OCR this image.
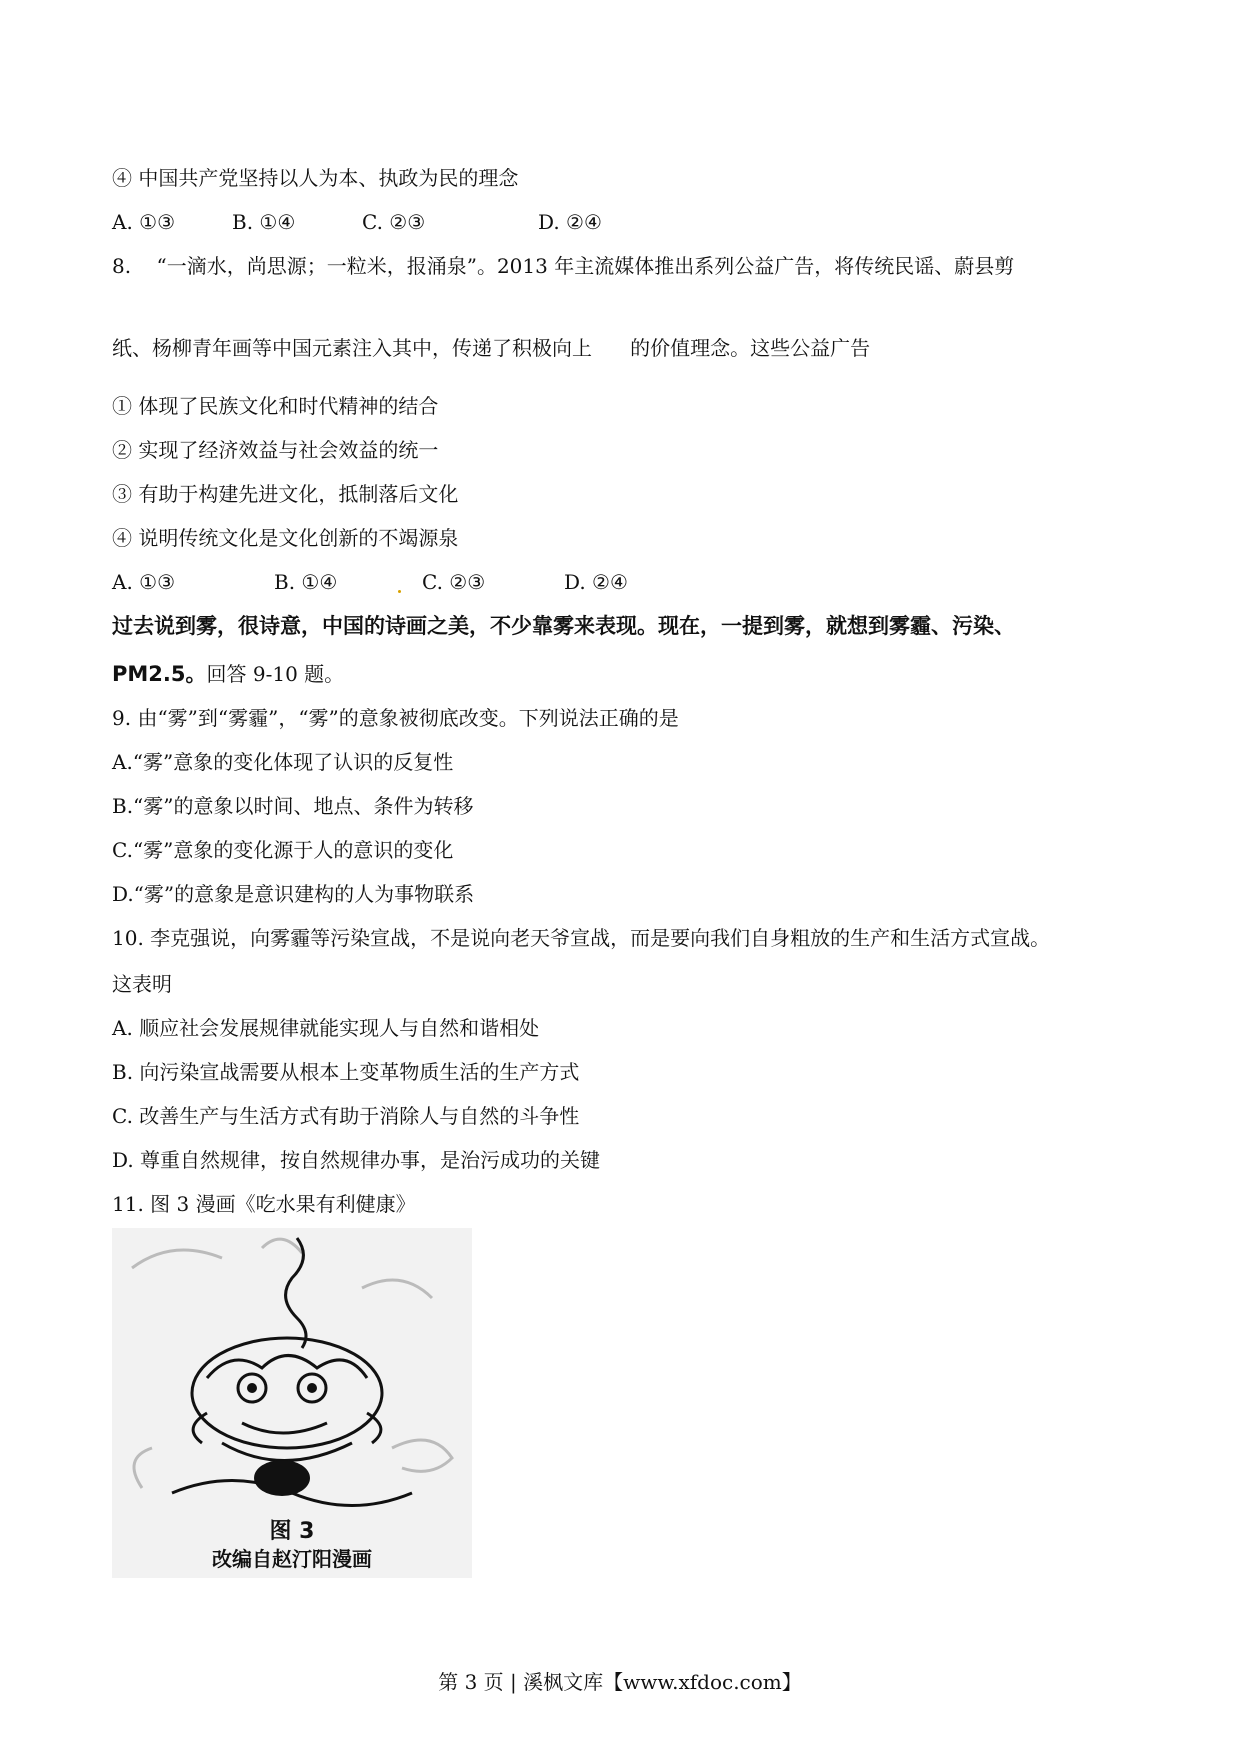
④ 中国共产党坚持以人为本、执政为民的理念
A. ①③	B. ①④	C. ②③	D. ②④
8.    “一滴水，尚思源；一粒米，报涌泉”。2013 年主流媒体推出系列公益广告，将传统民谣、蔚县剪
纸、杨柳青年画等中国元素注入其中，传递了积极向上      的价值理念。这些公益广告
① 体现了民族文化和时代精神的结合
② 实现了经济效益与社会效益的统一
③ 有助于构建先进文化，抵制落后文化
④ 说明传统文化是文化创新的不竭源泉
A. ①③	B. ①④	C. ②③	D. ②④
过去说到雾，很诗意，中国的诗画之美，不少靠雾来表现。现在，一提到雾，就想到雾霾、污染、
PM2.5。回答 9-10 题。
9. 由“雾”到“雾霾”，“雾”的意象被彻底改变。下列说法正确的是
A.“雾”意象的变化体现了认识的反复性
B.“雾”的意象以时间、地点、条件为转移
C.“雾”意象的变化源于人的意识的变化
D.“雾”的意象是意识建构的人为事物联系
10. 李克强说，向雾霾等污染宣战，不是说向老天爷宣战，而是要向我们自身粗放的生产和生活方式宣战。
这表明
A. 顺应社会发展规律就能实现人与自然和谐相处
B. 向污染宣战需要从根本上变革物质生活的生产方式
C. 改善生产与生活方式有助于消除人与自然的斗争性
D. 尊重自然规律，按自然规律办事，是治污成功的关键
11. 图 3 漫画《吃水果有利健康》
图 3
改编自赵汀阳漫画
第 3 页 | 溪枫文库【www.xfdoc.com】
